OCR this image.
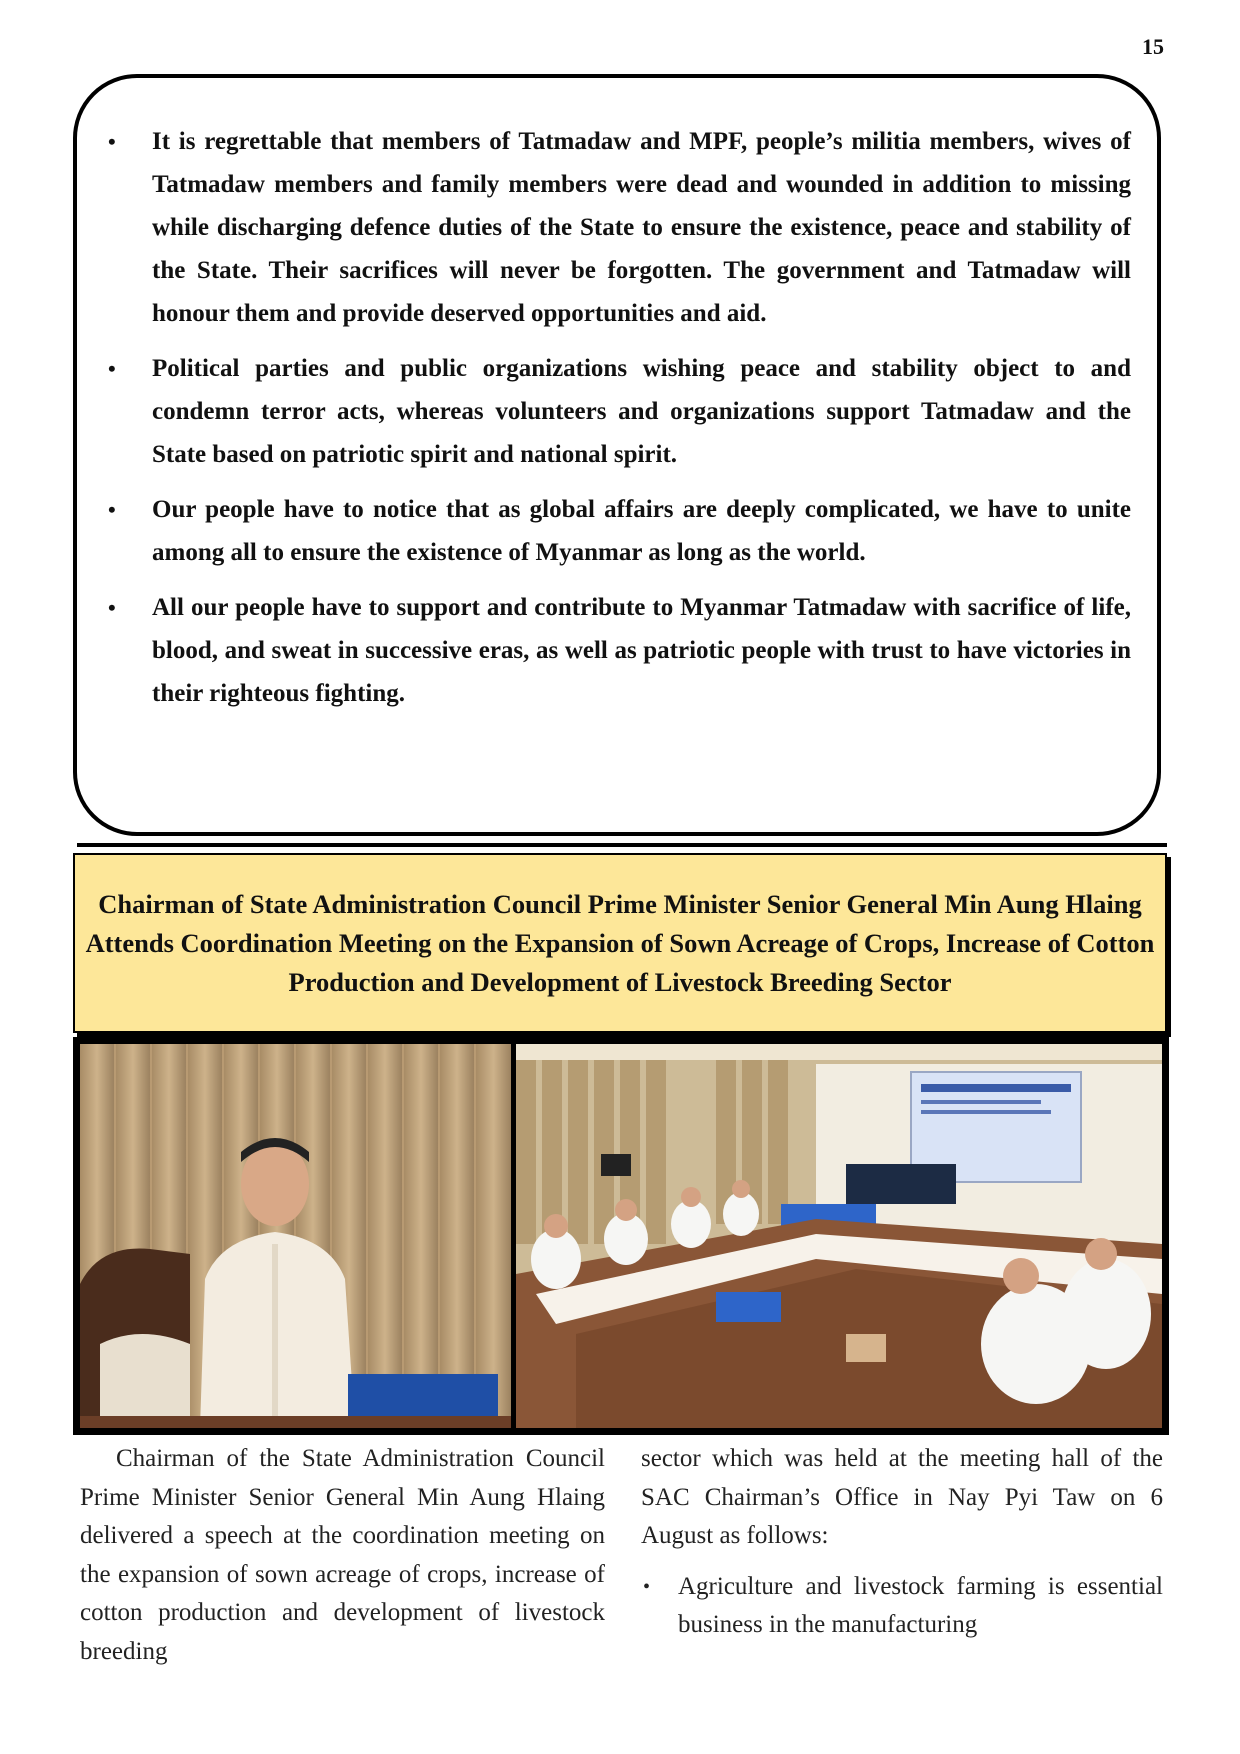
15
• It is regrettable that members of Tatmadaw and MPF, people’s militia members, wives of Tatmadaw members and family members were dead and wounded in addition to missing while discharging defence duties of the State to ensure the existence, peace and stability of the State. Their sacrifices will never be forgotten. The government and Tatmadaw will honour them and provide deserved opportunities and aid.
• Political parties and public organizations wishing peace and stability object to and condemn terror acts, whereas volunteers and organizations support Tatmadaw and the State based on patriotic spirit and national spirit.
• Our people have to notice that as global affairs are deeply complicated, we have to unite among all to ensure the existence of Myanmar as long as the world.
• All our people have to support and contribute to Myanmar Tatmadaw with sacrifice of life, blood, and sweat in successive eras, as well as patriotic people with trust to have victories in their righteous fighting.
Chairman of State Administration Council Prime Minister Senior General Min Aung Hlaing Attends Coordination Meeting on the Expansion of Sown Acreage of Crops, Increase of Cotton Production and Development of Livestock Breeding Sector

Chairman of the State Administration Council Prime Minister Senior General Min Aung Hlaing delivered a speech at the coordination meeting on the expansion of sown acreage of crops, increase of cotton production and development of livestock breeding

sector which was held at the meeting hall of the SAC Chairman’s Office in Nay Pyi Taw on 6 August as follows:

• Agriculture and livestock farming is essential business in the manufacturing
